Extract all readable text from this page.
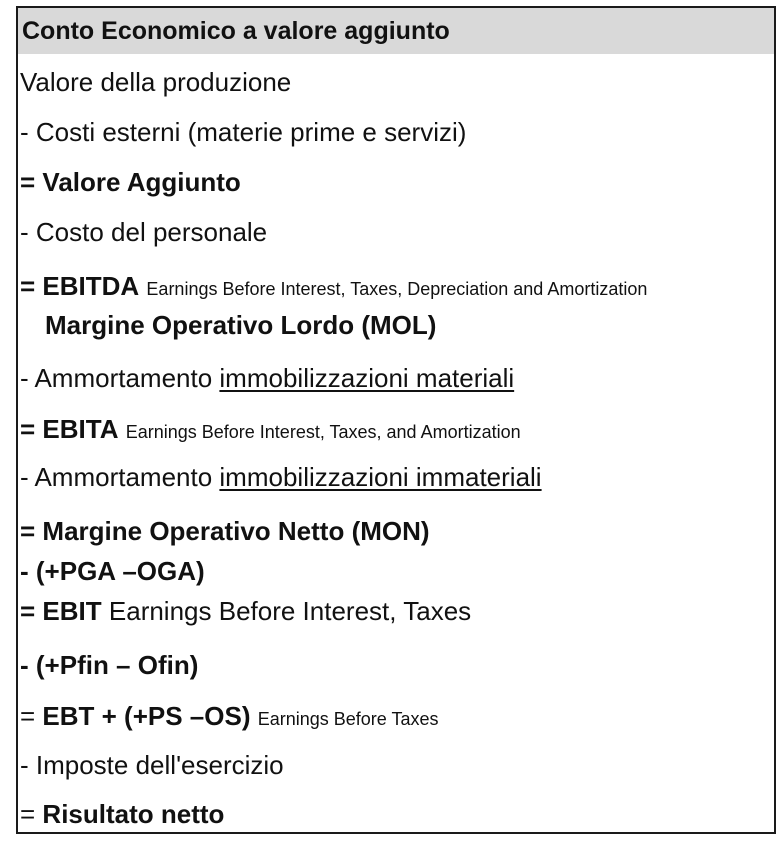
Conto Economico a valore aggiunto
Valore della produzione
- Costi esterni (materie prime e servizi)
= Valore Aggiunto
- Costo del personale
= EBITDA Earnings Before Interest, Taxes, Depreciation and Amortization
Margine Operativo Lordo (MOL)
- Ammortamento immobilizzazioni materiali
= EBITA Earnings Before Interest, Taxes, and Amortization
- Ammortamento immobilizzazioni immateriali
= Margine Operativo Netto (MON)
- (+PGA –OGA)
= EBIT Earnings Before Interest, Taxes
- (+Pfin – Ofin)
= EBT + (+PS –OS) Earnings Before Taxes
- Imposte dell'esercizio
= Risultato netto
